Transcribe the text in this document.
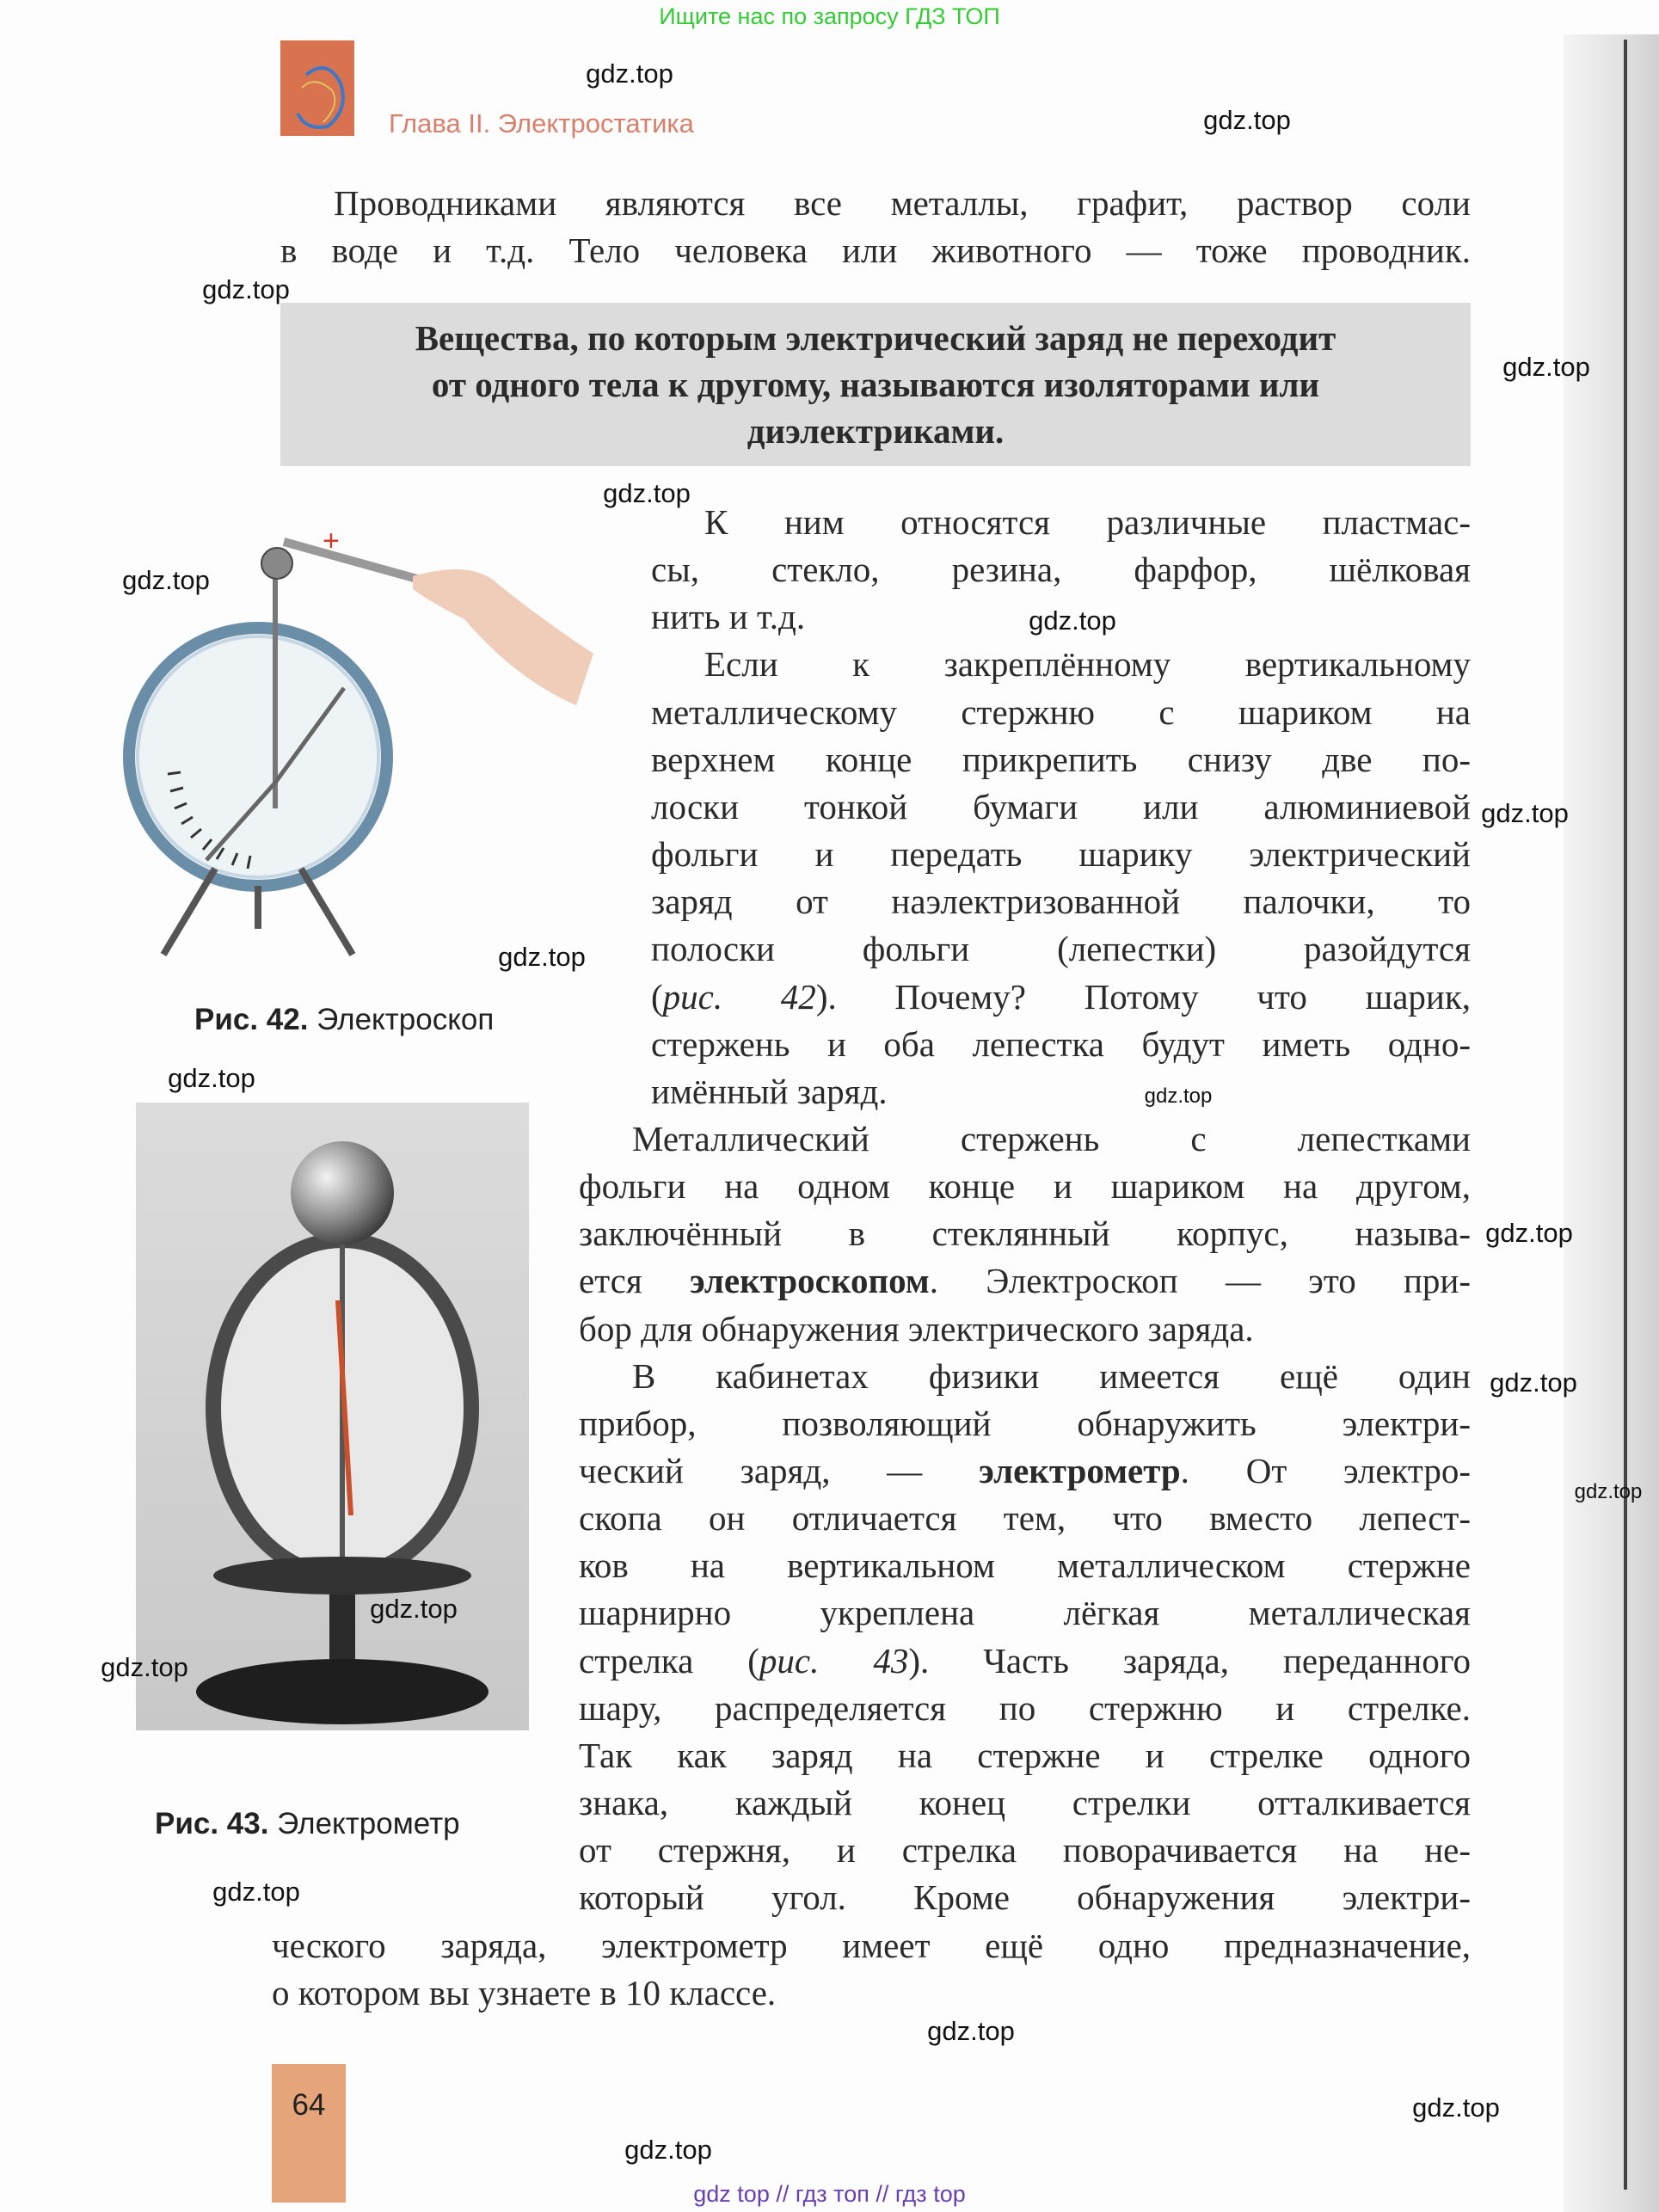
Ищите нас по запросу ГДЗ ТОП
Глава II. Электростатика
Проводниками являются все металлы, графит, раствор соли
в воде и т.д. Тело человека или животного — тоже проводник.
Вещества, по которым электрический заряд не переходит
от одного тела к другому, называются изоляторами или
диэлектриками.
К ним относятся различные пластмас-
сы, стекло, резина, фарфор, шёлковая
нить и т.д.
Если к закреплённому вертикальному
металлическому стержню с шариком на
верхнем конце прикрепить снизу две по-
лоски тонкой бумаги или алюминиевой
фольги и передать шарику электрический
заряд от наэлектризованной палочки, то
полоски фольги (лепестки) разойдутся
(рис. 42). Почему? Потому что шарик,
стержень и оба лепестка будут иметь одно-
имённый заряд.
Металлический стержень с лепестками
фольги на одном конце и шариком на другом,
заключённый в стеклянный корпус, называ-
ется электроскопом. Электроскоп — это при-
бор для обнаружения электрического заряда.
В кабинетах физики имеется ещё один
прибор, позволяющий обнаружить электри-
ческий заряд, — электрометр. От электро-
скопа он отличается тем, что вместо лепест-
ков на вертикальном металлическом стержне
шарнирно укреплена лёгкая металлическая
стрелка (рис. 43). Часть заряда, переданного
шару, распределяется по стержню и стрелке.
Так как заряд на стержне и стрелке одного
знака, каждый конец стрелки отталкивается
от стержня, и стрелка поворачивается на не-
который угол. Кроме обнаружения электри-
ческого заряда, электрометр имеет ещё одно предназначение,
о котором вы узнаете в 10 классе.
+
Рис. 42. Электроскоп
Рис. 43. Электрометр
64
gdz.top
gdz.top
gdz.top
gdz.top
gdz.top
gdz.top
gdz.top
gdz.top
gdz.top
gdz.top
gdz.top
gdz.top
gdz.top
gdz.top
gdz.top
gdz.top
gdz.top
gdz.top
gdz.top
gdz.top
gdz top // гдз топ // гдз top
